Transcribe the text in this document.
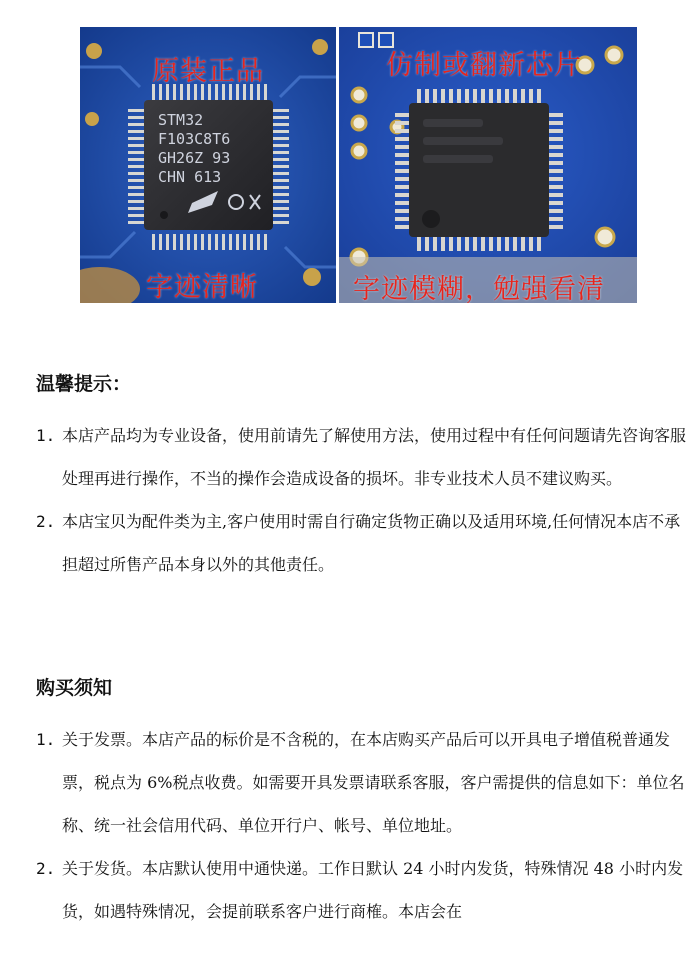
STM32
F103C8T6
GH26Z 93
CHN 613
原装正品
字迹清晰
仿制或翻新芯片
字迹模糊，勉强看清

温馨提示：

1. 本店产品均为专业设备，使用前请先了解使用方法，使用过程中有任何问题请先咨询客服处理再进行操作，不当的操作会造成设备的损坏。非专业技术人员不建议购买。

2. 本店宝贝为配件类为主,客户使用时需自行确定货物正确以及适用环境,任何情况本店不承担超过所售产品本身以外的其他责任。

购买须知

1. 关于发票。本店产品的标价是不含税的，在本店购买产品后可以开具电子增值税普通发票，税点为 6%税点收费。如需要开具发票请联系客服，客户需提供的信息如下：单位名称、统一社会信用代码、单位开行户、帐号、单位地址。

2. 关于发货。本店默认使用中通快递。工作日默认 24 小时内发货，特殊情况 48 小时内发货，如遇特殊情况，会提前联系客户进行商榷。本店会在
